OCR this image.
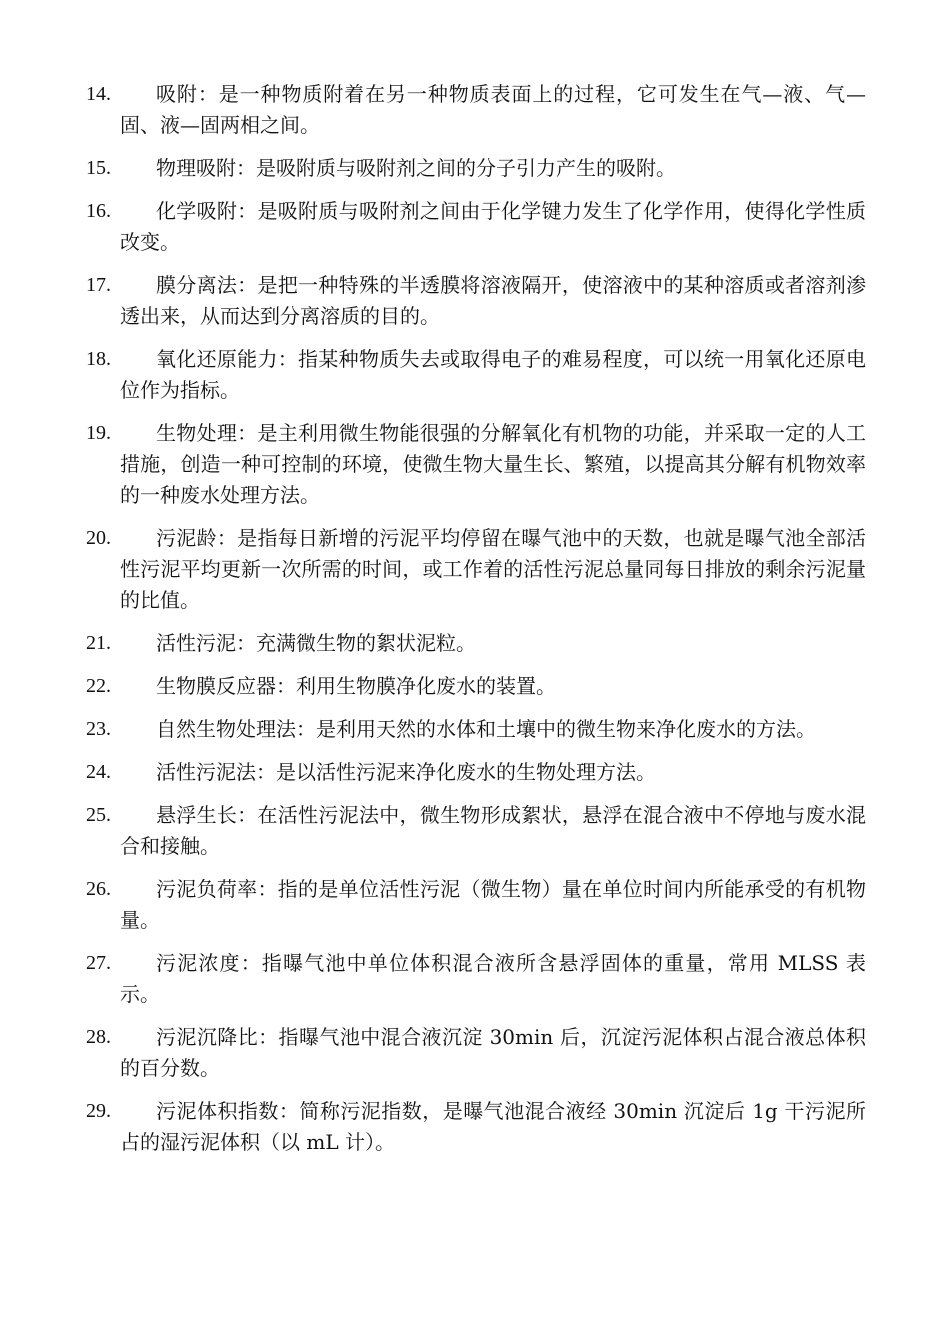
14.	吸附：是一种物质附着在另一种物质表面上的过程，它可发生在气—液、气—固、液—固两相之间。
15.	物理吸附：是吸附质与吸附剂之间的分子引力产生的吸附。
16.	化学吸附：是吸附质与吸附剂之间由于化学键力发生了化学作用，使得化学性质改变。
17.	膜分离法：是把一种特殊的半透膜将溶液隔开，使溶液中的某种溶质或者溶剂渗透出来，从而达到分离溶质的目的。
18.	氧化还原能力：指某种物质失去或取得电子的难易程度，可以统一用氧化还原电位作为指标。
19.	生物处理：是主利用微生物能很强的分解氧化有机物的功能，并采取一定的人工措施，创造一种可控制的环境，使微生物大量生长、繁殖，以提高其分解有机物效率的一种废水处理方法。
20.	污泥龄：是指每日新增的污泥平均停留在曝气池中的天数，也就是曝气池全部活性污泥平均更新一次所需的时间，或工作着的活性污泥总量同每日排放的剩余污泥量的比值。
21.	活性污泥：充满微生物的絮状泥粒。
22.	生物膜反应器：利用生物膜净化废水的装置。
23.	自然生物处理法：是利用天然的水体和土壤中的微生物来净化废水的方法。
24.	活性污泥法：是以活性污泥来净化废水的生物处理方法。
25.	悬浮生长：在活性污泥法中，微生物形成絮状，悬浮在混合液中不停地与废水混合和接触。
26.	污泥负荷率：指的是单位活性污泥（微生物）量在单位时间内所能承受的有机物量。
27.	污泥浓度：指曝气池中单位体积混合液所含悬浮固体的重量，常用 MLSS 表示。
28.	污泥沉降比：指曝气池中混合液沉淀 30min 后，沉淀污泥体积占混合液总体积的百分数。
29.	污泥体积指数：简称污泥指数，是曝气池混合液经 30min 沉淀后 1g 干污泥所占的湿污泥体积（以 mL 计）。
